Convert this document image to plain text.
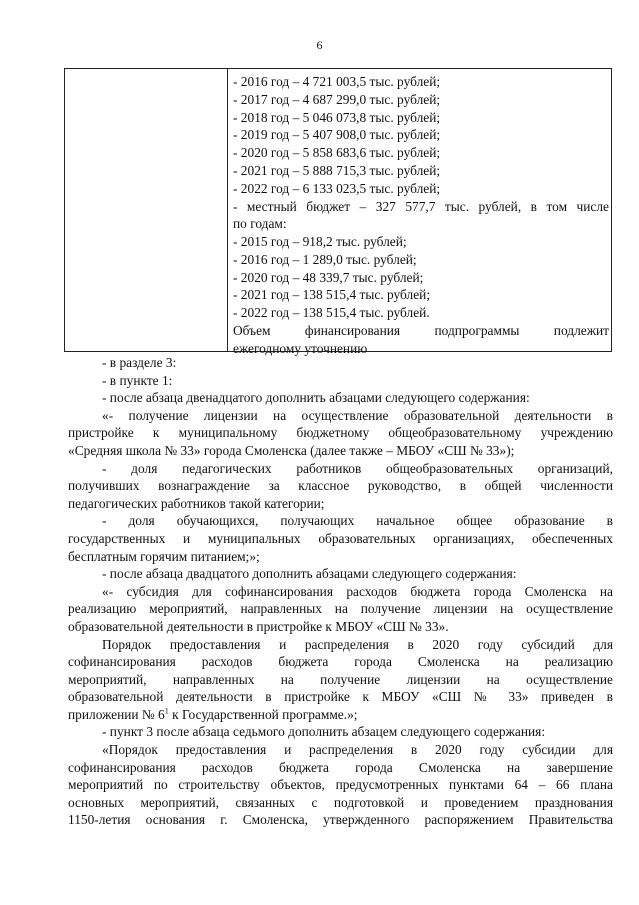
6
- 2016 год – 4 721 003,5 тыс. рублей;
- 2017 год – 4 687 299,0 тыс. рублей;
- 2018 год – 5 046 073,8 тыс. рублей;
- 2019 год – 5 407 908,0 тыс. рублей;
- 2020 год – 5 858 683,6 тыс. рублей;
- 2021 год – 5 888 715,3 тыс. рублей;
- 2022 год – 6 133 023,5 тыс. рублей;
- местный бюджет – 327 577,7 тыс. рублей, в том числе
по годам:
- 2015 год – 918,2 тыс. рублей;
- 2016 год – 1 289,0 тыс. рублей;
- 2020 год – 48 339,7 тыс. рублей;
- 2021 год – 138 515,4 тыс. рублей;
- 2022 год – 138 515,4 тыс. рублей.
Объем финансирования подпрограммы подлежит
ежегодному уточнению
- в разделе 3:
- в пункте 1:
- после абзаца двенадцатого дополнить абзацами следующего содержания:
«- получение лицензии на осуществление образовательной деятельности в
пристройке к муниципальному бюджетному общеобразовательному учреждению
«Средняя школа № 33» города Смоленска (далее также – МБОУ «СШ № 33»);
- доля педагогических работников общеобразовательных организаций,
получивших вознаграждение за классное руководство, в общей численности
педагогических работников такой категории;
- доля обучающихся, получающих начальное общее образование в
государственных и муниципальных образовательных организациях, обеспеченных
бесплатным горячим питанием;»;
- после абзаца двадцатого дополнить абзацами следующего содержания:
«- субсидия для софинансирования расходов бюджета города Смоленска на
реализацию мероприятий, направленных на получение лицензии на осуществление
образовательной деятельности в пристройке к МБОУ «СШ № 33».
Порядок предоставления и распределения в 2020 году субсидий для
софинансирования расходов бюджета города Смоленска на реализацию
мероприятий, направленных на получение лицензии на осуществление
образовательной деятельности в пристройке к МБОУ «СШ № 33» приведен в
приложении № $6^1$ к Государственной программе.»;
- пункт 3 после абзаца седьмого дополнить абзацем следующего содержания:
«Порядок предоставления и распределения в 2020 году субсидии для
софинансирования расходов бюджета города Смоленска на завершение
мероприятий по строительству объектов, предусмотренных пунктами 64 – 66 плана
основных мероприятий, связанных с подготовкой и проведением празднования
1150-летия основания г. Смоленска, утвержденного распоряжением Правительства
